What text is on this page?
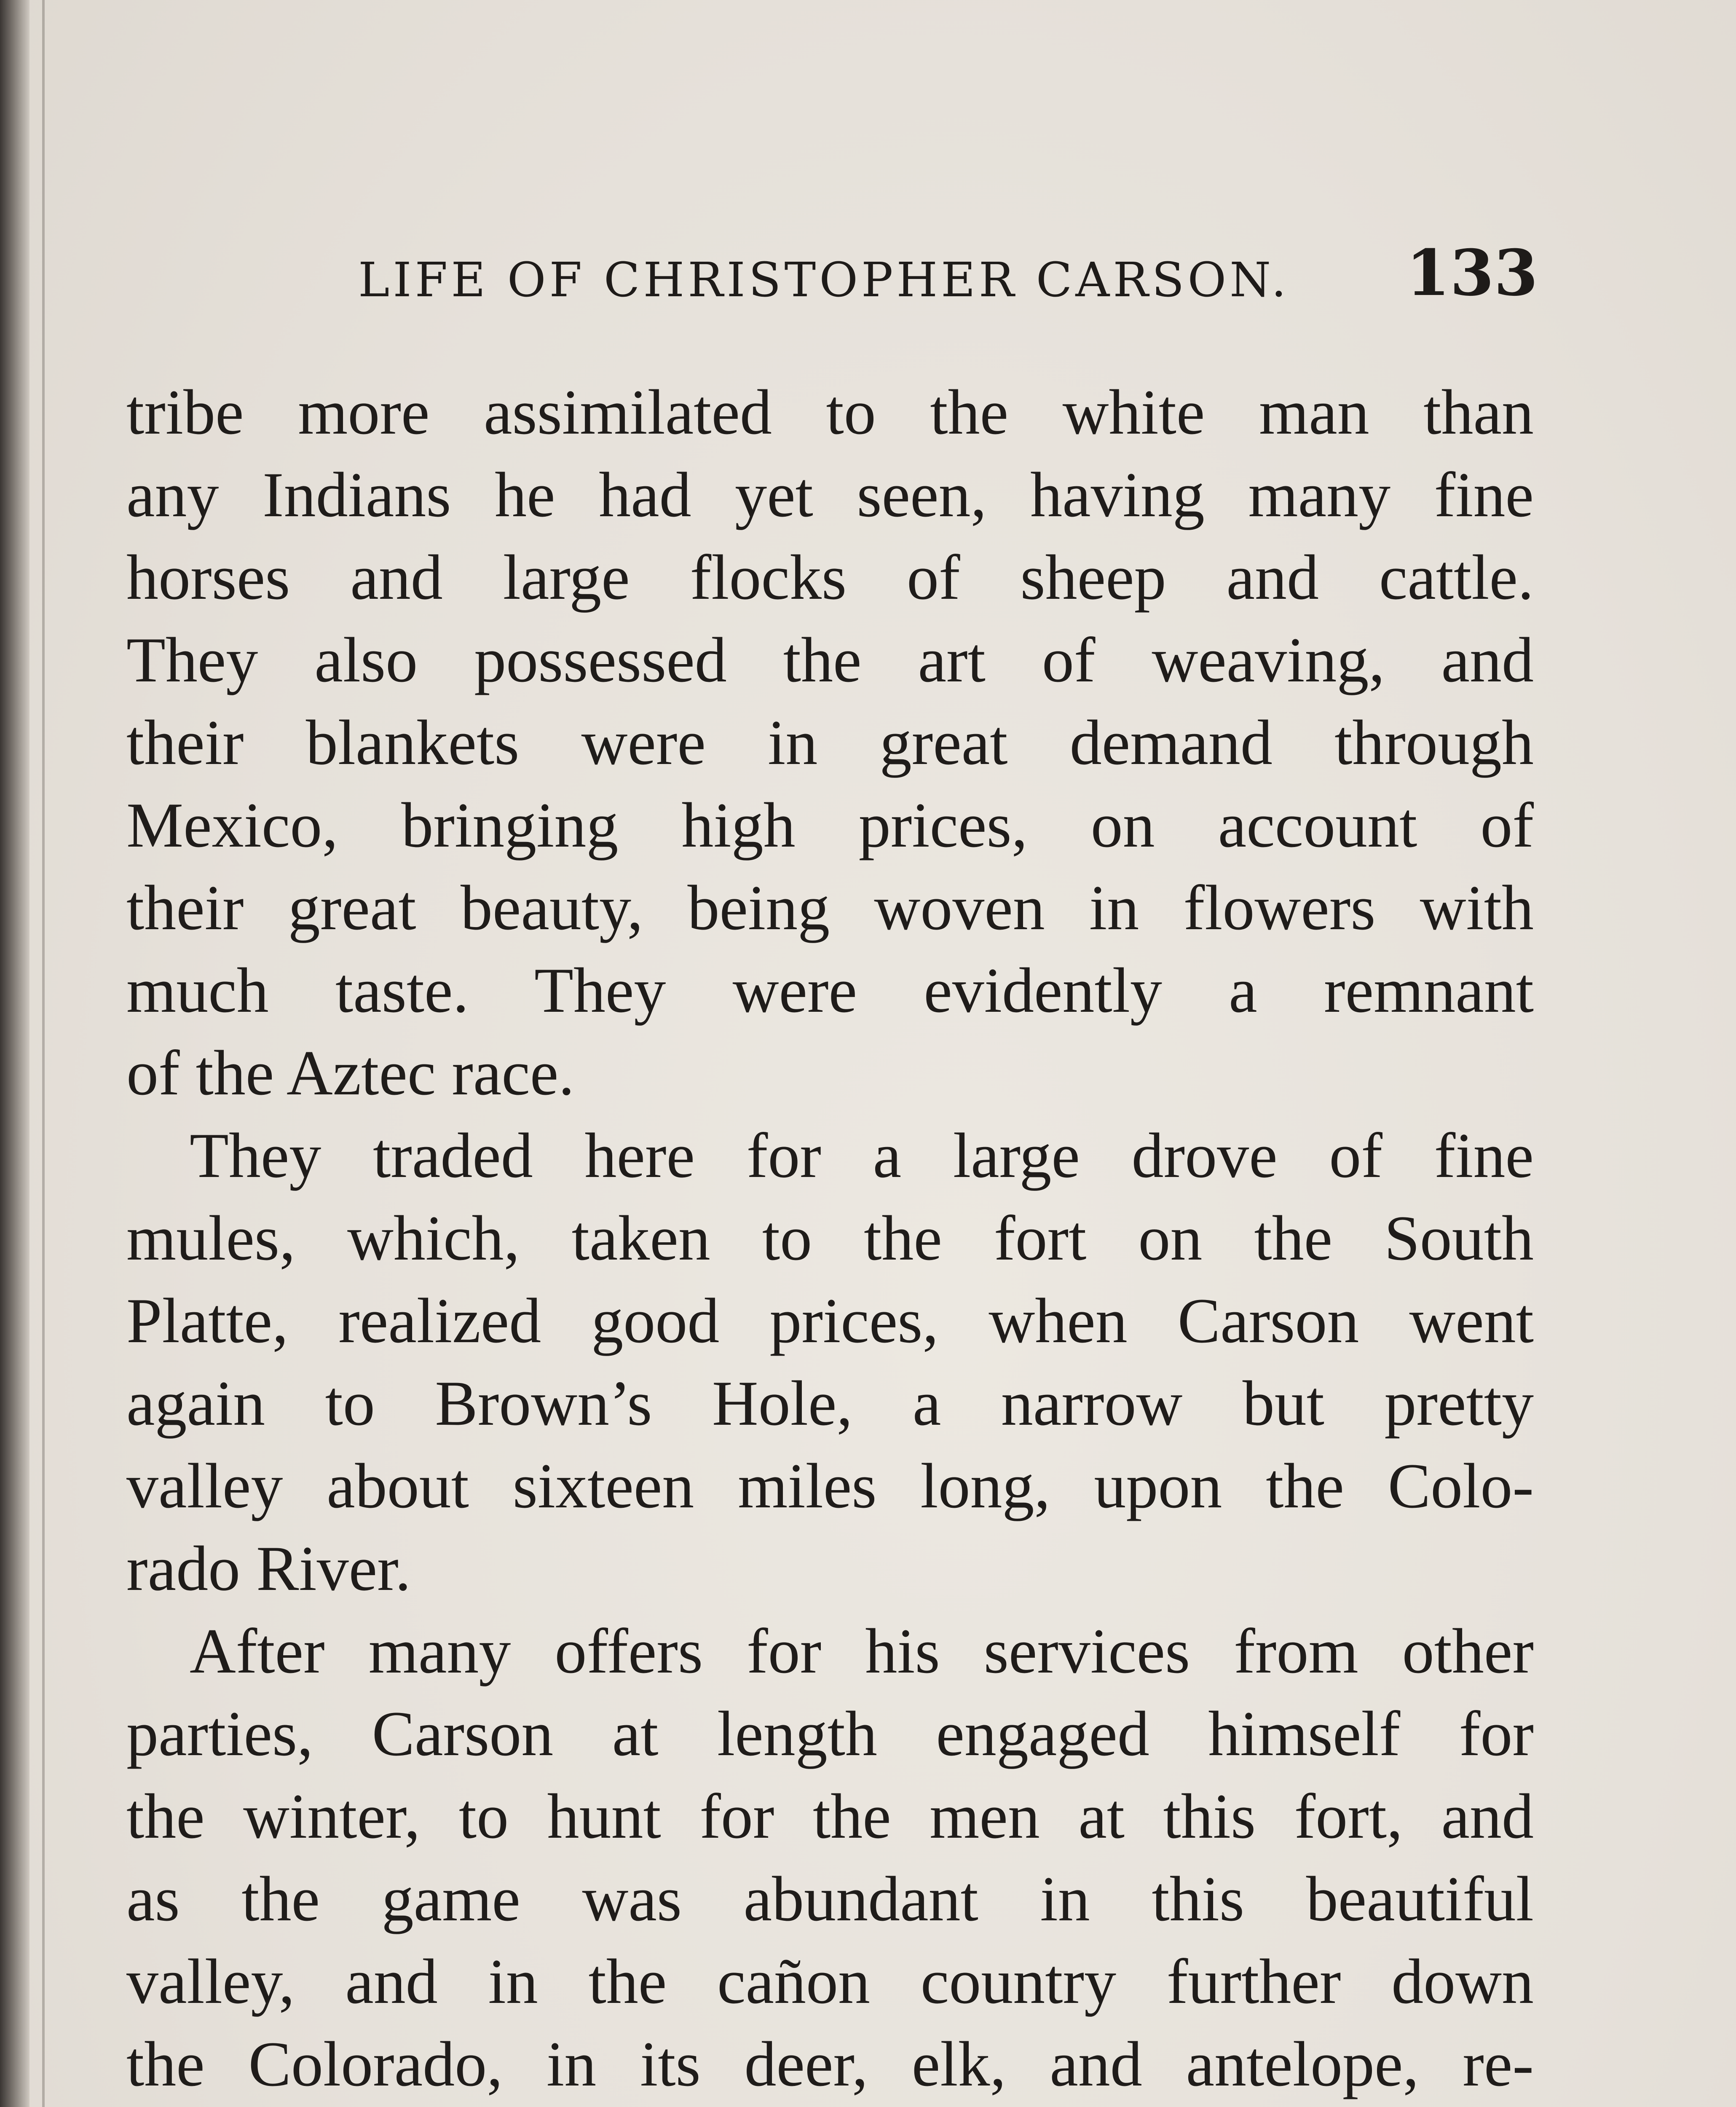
LIFE OF CHRISTOPHER CARSON. 133
tribe more assimilated to the white man than
any Indians he had yet seen, having many fine
horses and large flocks of sheep and cattle.
They also possessed the art of weaving, and
their blankets were in great demand through
Mexico, bringing high prices, on account of
their great beauty, being woven in flowers with
much taste. They were evidently a remnant
of the Aztec race.
They traded here for a large drove of fine
mules, which, taken to the fort on the South
Platte, realized good prices, when Carson went
again to Brown’s Hole, a narrow but pretty
valley about sixteen miles long, upon the Colo-
rado River.
After many offers for his services from other
parties, Carson at length engaged himself for
the winter, to hunt for the men at this fort, and
as the game was abundant in this beautiful
valley, and in the cañon country further down
the Colorado, in its deer, elk, and antelope, re-
